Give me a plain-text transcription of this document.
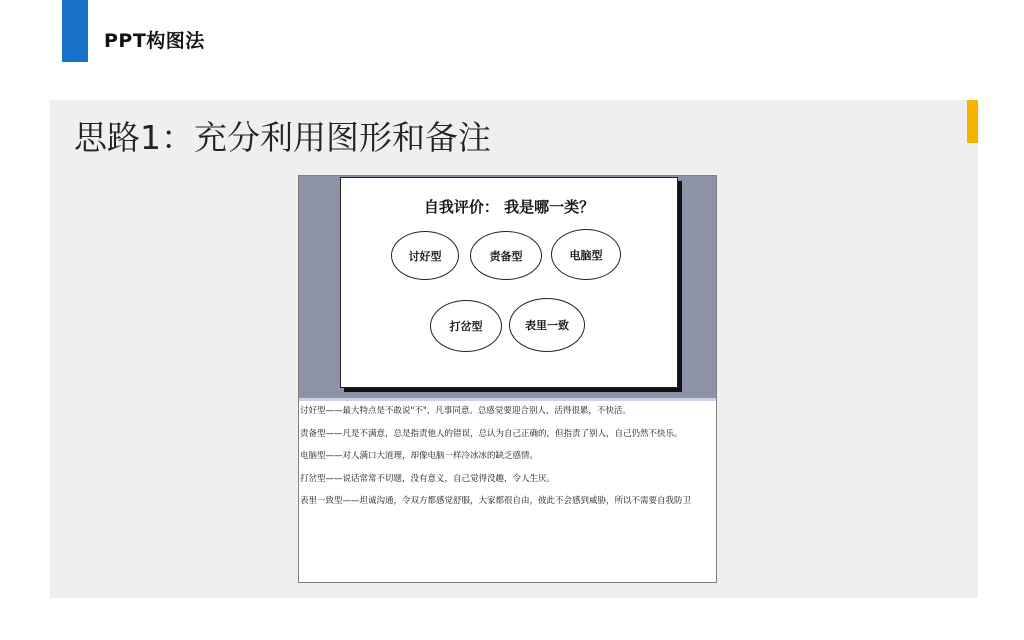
PPT构图法
思路1：充分利用图形和备注
自我评价： 我是哪一类？
讨好型	责备型	电脑型
打岔型	表里一致
讨好型——最大特点是不敢说"不"，凡事同意。总感觉要迎合别人，活得很累，不快活。
责备型——凡是不满意，总是指责他人的错误，总认为自己正确的，但指责了别人，自己仍然不快乐。
电脑型——对人满口大道理，却像电脑一样冷冰冰的缺乏感情。
打岔型——说话常常不切题，没有意义，自己觉得没趣，令人生厌。
表里一致型——坦诚沟通，令双方都感觉舒服，大家都很自由，彼此不会感到威胁，所以不需要自我防卫
